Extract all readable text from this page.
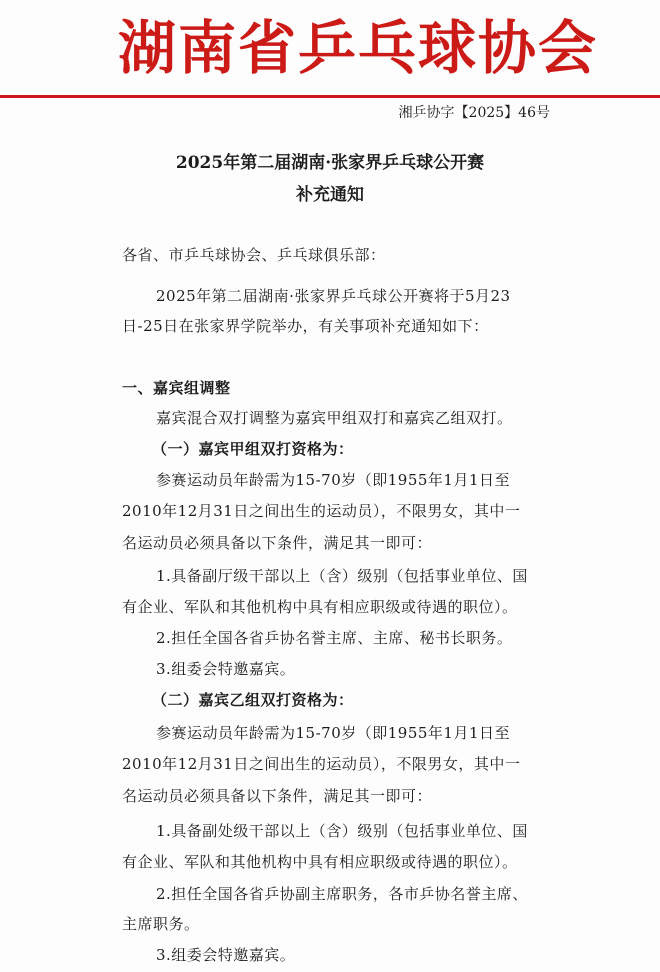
湖南省乒乓球协会
湘乒协字【2025】46号
2025年第二届湖南·张家界乒乓球公开赛
补充通知
各省、市乒乓球协会、乒乓球俱乐部：
2025年第二届湖南·张家界乒乓球公开赛将于5月23
日-25日在张家界学院举办，有关事项补充通知如下：
一、嘉宾组调整
嘉宾混合双打调整为嘉宾甲组双打和嘉宾乙组双打。
（一）嘉宾甲组双打资格为：
参赛运动员年龄需为15-70岁（即1955年1月1日至
2010年12月31日之间出生的运动员），不限男女，其中一
名运动员必须具备以下条件，满足其一即可：
1.具备副厅级干部以上（含）级别（包括事业单位、国
有企业、军队和其他机构中具有相应职级或待遇的职位）。
2.担任全国各省乒协名誉主席、主席、秘书长职务。
3.组委会特邀嘉宾。
（二）嘉宾乙组双打资格为：
参赛运动员年龄需为15-70岁（即1955年1月1日至
2010年12月31日之间出生的运动员），不限男女，其中一
名运动员必须具备以下条件，满足其一即可：
1.具备副处级干部以上（含）级别（包括事业单位、国
有企业、军队和其他机构中具有相应职级或待遇的职位）。
2.担任全国各省乒协副主席职务，各市乒协名誉主席、
主席职务。
3.组委会特邀嘉宾。
